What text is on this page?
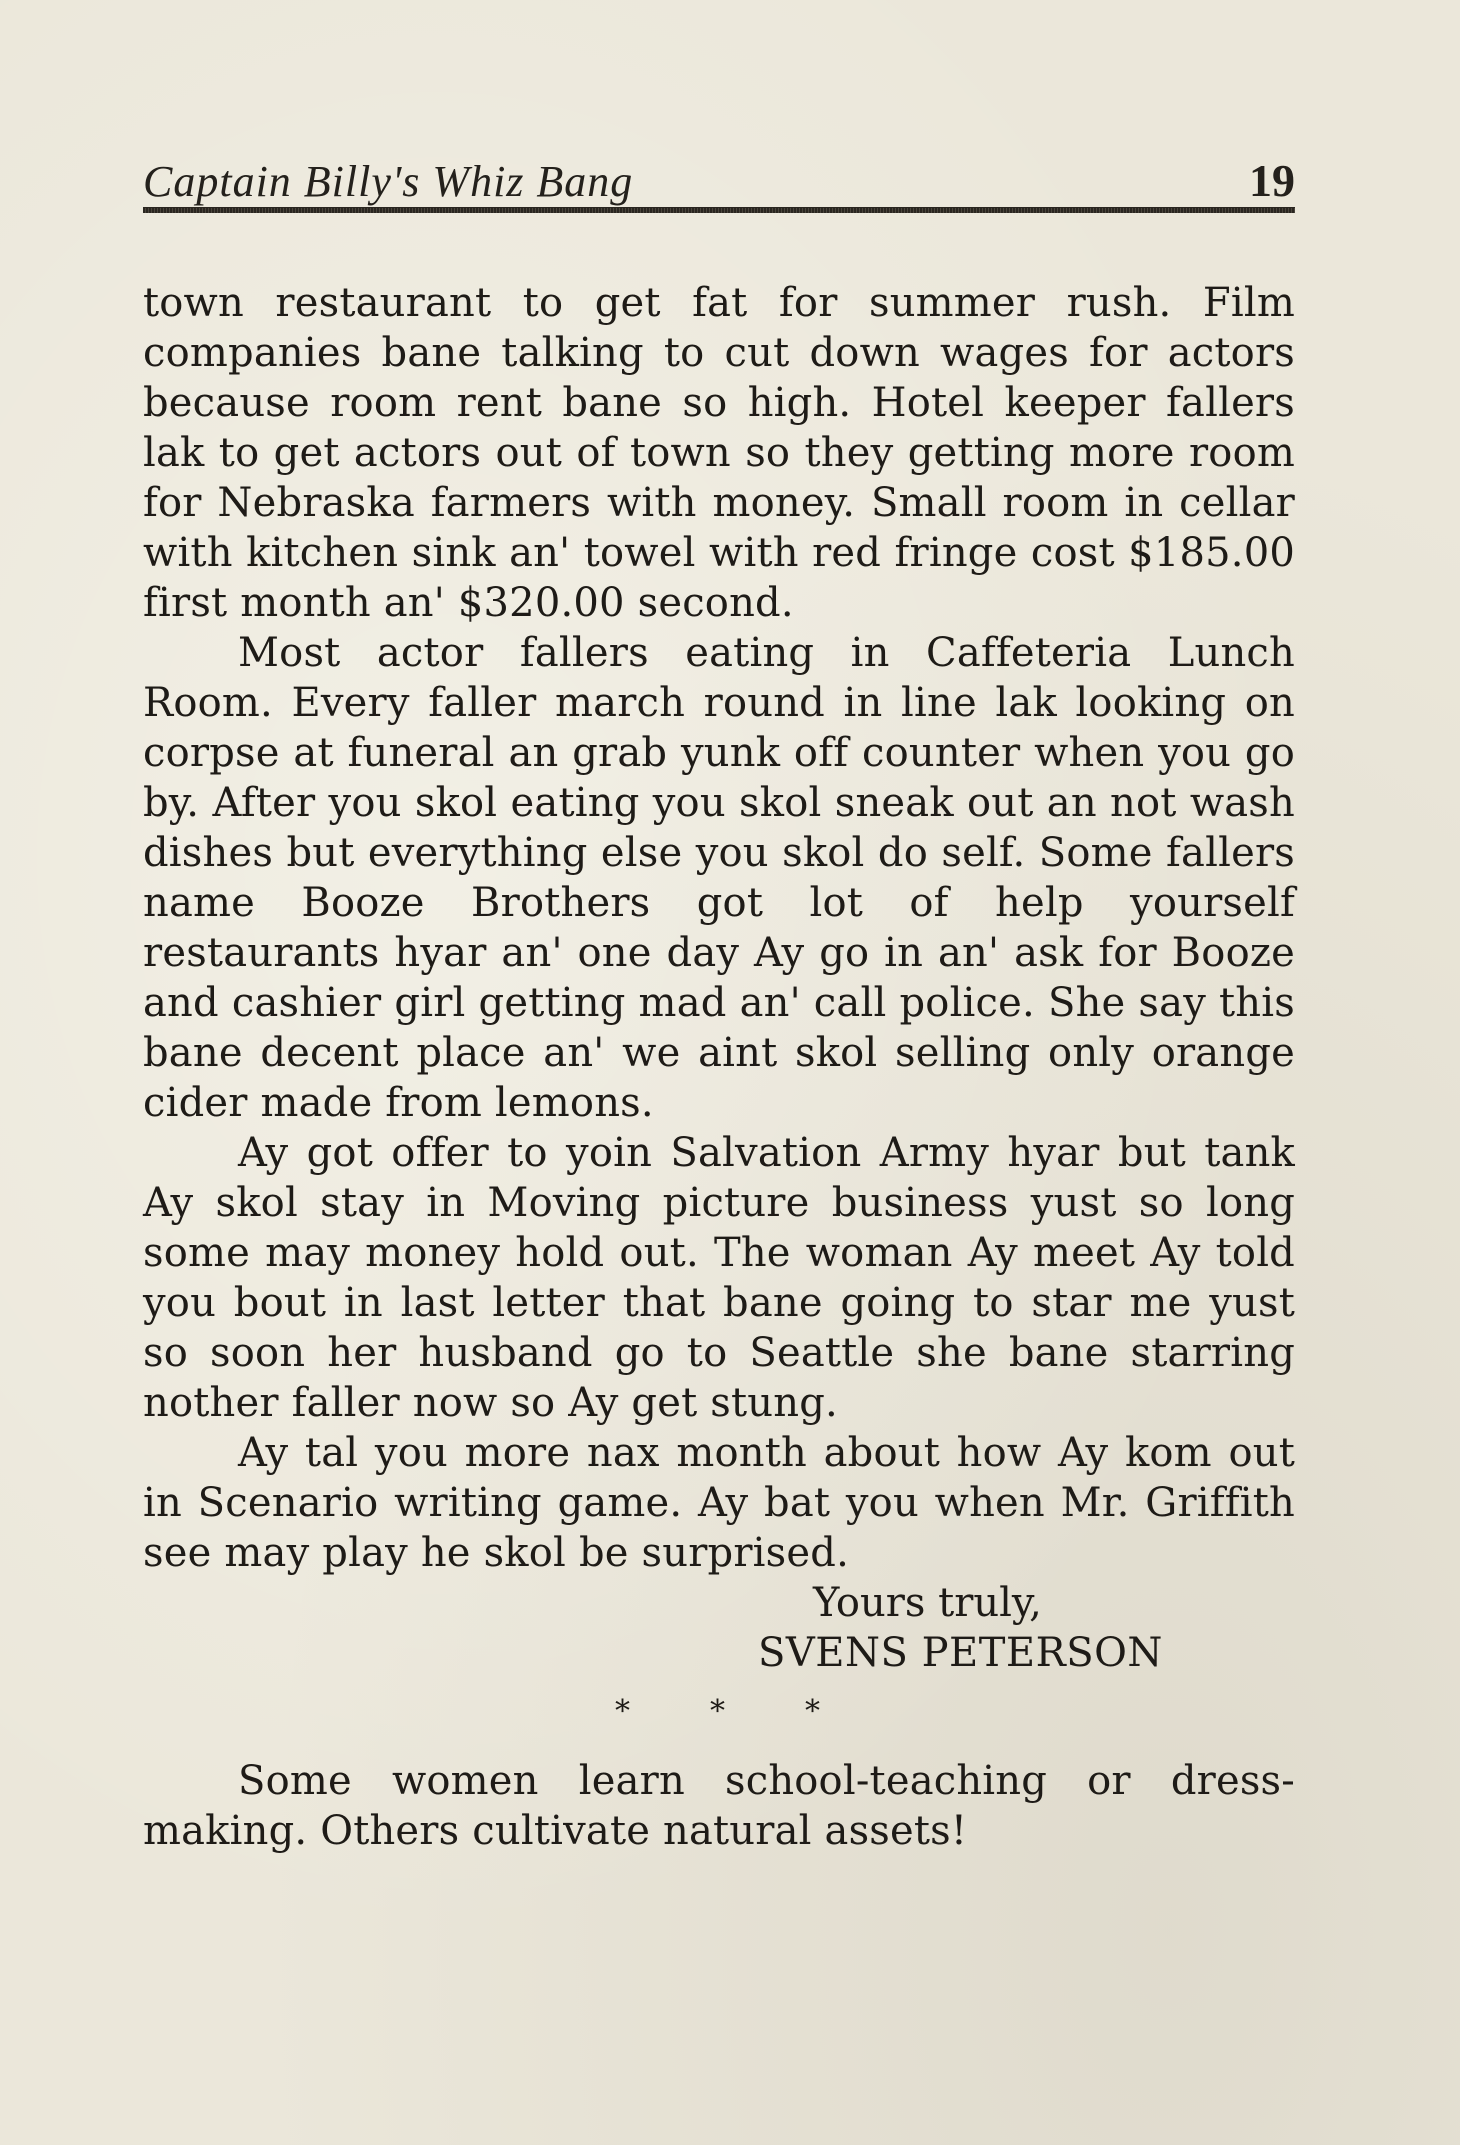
Captain Billy's Whiz Bang	19

town restaurant to get fat for summer rush. Film companies bane talking to cut down wages for actors because room rent bane so high. Hotel keeper fallers lak to get actors out of town so they getting more room for Nebraska farmers with money. Small room in cellar with kitchen sink an' towel with red fringe cost $185.00 first month an' $320.00 second.

Most actor fallers eating in Caffeteria Lunch Room. Every faller march round in line lak looking on corpse at funeral an grab yunk off counter when you go by. After you skol eating you skol sneak out an not wash dishes but everything else you skol do self. Some fallers name Booze Brothers got lot of help yourself restaurants hyar an' one day Ay go in an' ask for Booze and cashier girl getting mad an' call police. She say this bane decent place an' we aint skol selling only orange cider made from lemons.

Ay got offer to yoin Salvation Army hyar but tank Ay skol stay in Moving picture business yust so long some may money hold out. The woman Ay meet Ay told you bout in last letter that bane going to star me yust so soon her husband go to Seattle she bane starring nother faller now so Ay get stung.

Ay tal you more nax month about how Ay kom out in Scenario writing game. Ay bat you when Mr. Griffith see may play he skol be surprised.

Yours truly,
SVENS PETERSON
*	*	*

Some women learn school-teaching or dress-making. Others cultivate natural assets!
